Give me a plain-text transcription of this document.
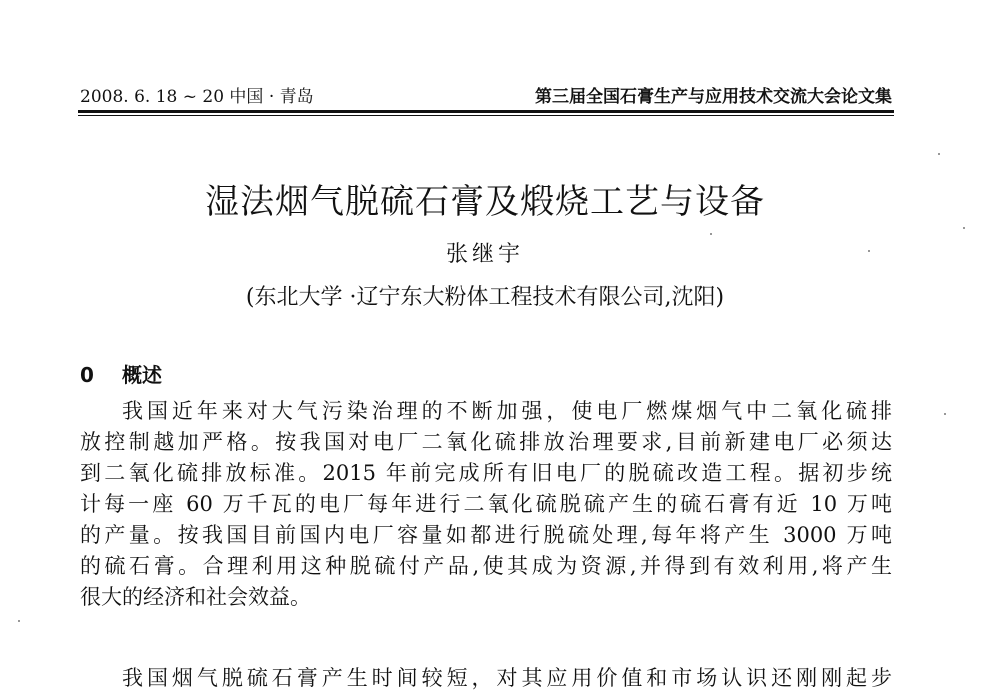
2008. 6. 18 ~ 20 中国 · 青岛	第三届全国石膏生产与应用技术交流大会论文集
湿法烟气脱硫石膏及煅烧工艺与设备
张继宇
(东北大学 ·辽宁东大粉体工程技术有限公司,沈阳)
0 概述
我国近年来对大气污染治理的不断加强，使电厂燃煤烟气中二氧化硫排
放控制越加严格。按我国对电厂二氧化硫排放治理要求,目前新建电厂必须达
到二氧化硫排放标准。2015 年前完成所有旧电厂的脱硫改造工程。据初步统
计每一座 60 万千瓦的电厂每年进行二氧化硫脱硫产生的硫石膏有近 10 万吨
的产量。按我国目前国内电厂容量如都进行脱硫处理,每年将产生 3000 万吨
的硫石膏。合理利用这种脱硫付产品,使其成为资源,并得到有效利用,将产生
很大的经济和社会效益。
我国烟气脱硫石膏产生时间较短，对其应用价值和市场认识还刚刚起步
